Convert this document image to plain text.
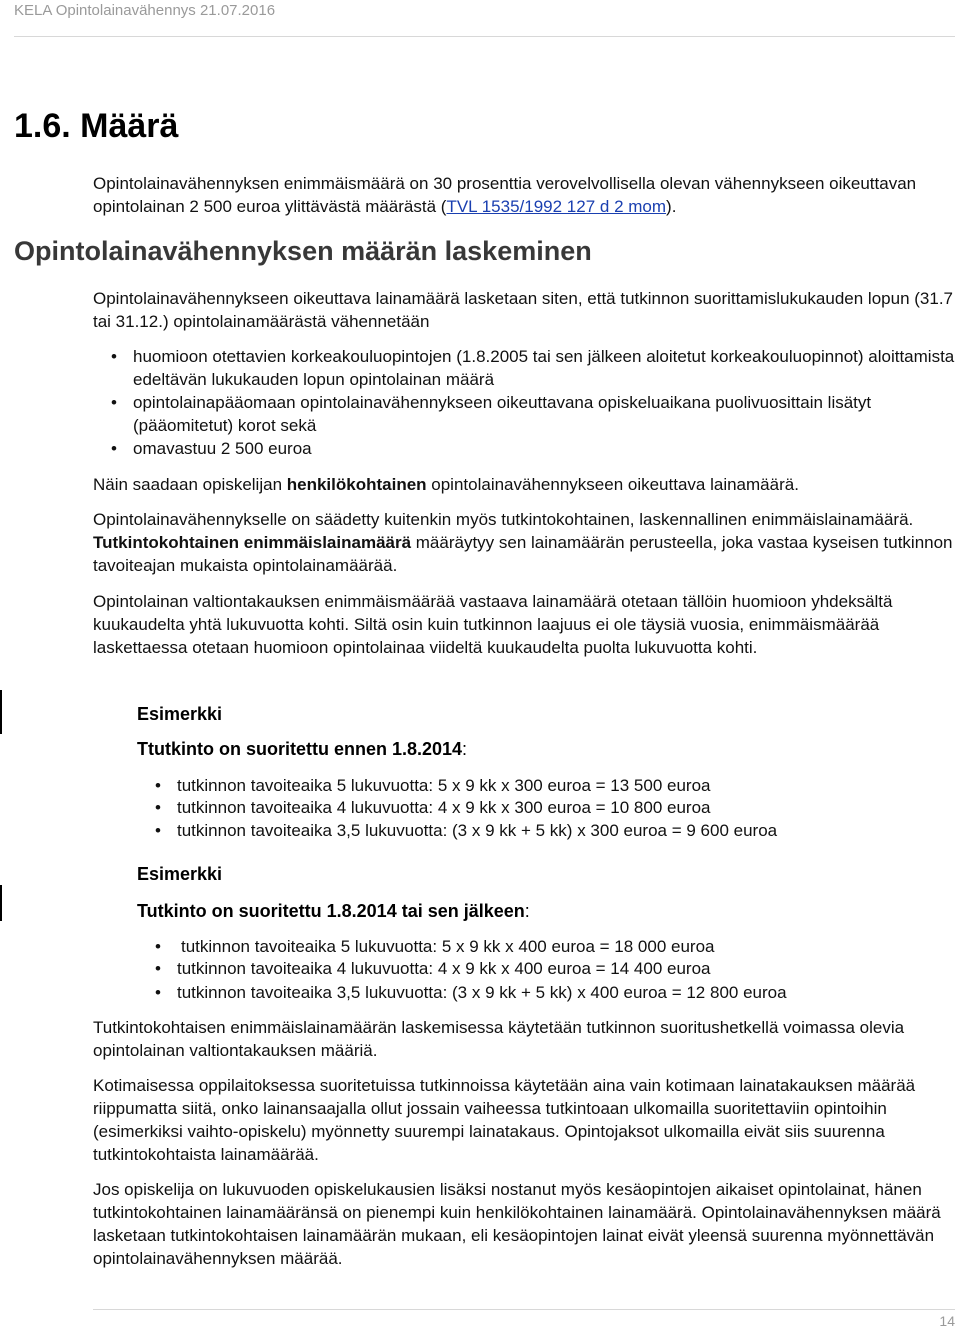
KELA Opintolainavähennys 21.07.2016
1.6. Määrä

Opintolainavähennyksen enimmäismäärä on 30 prosenttia verovelvollisella olevan vähennykseen oikeuttavan opintolainan 2 500 euroa ylittävästä määrästä (TVL 1535/1992 127 d 2 mom).

Opintolainavähennyksen määrän laskeminen

Opintolainavähennykseen oikeuttava lainamäärä lasketaan siten, että tutkinnon suorittamislukukauden lopun (31.7 tai 31.12.) opintolainamäärästä vähennetään

• huomioon otettavien korkeakouluopintojen (1.8.2005 tai sen jälkeen aloitetut korkeakouluopinnot) aloittamista edeltävän lukukauden lopun opintolainan määrä
• opintolainapääomaan opintolainavähennykseen oikeuttavana opiskeluaikana puolivuosittain lisätyt (pääomitetut) korot sekä
• omavastuu 2 500 euroa

Näin saadaan opiskelijan henkilökohtainen opintolainavähennykseen oikeuttava lainamäärä.

Opintolainavähennykselle on säädetty kuitenkin myös tutkintokohtainen, laskennallinen enimmäislainamäärä. Tutkintokohtainen enimmäislainamäärä määräytyy sen lainamäärän perusteella, joka vastaa kyseisen tutkinnon tavoiteajan mukaista opintolainamäärää.

Opintolainan valtiontakauksen enimmäismäärää vastaava lainamäärä otetaan tällöin huomioon yhdeksältä kuukaudelta yhtä lukuvuotta kohti. Siltä osin kuin tutkinnon laajuus ei ole täysiä vuosia, enimmäismäärää laskettaessa otetaan huomioon opintolainaa viideltä kuukaudelta puolta lukuvuotta kohti.

Esimerkki
Ttutkinto on suoritettu ennen 1.8.2014:
• tutkinnon tavoiteaika 5 lukuvuotta: 5 x 9 kk x 300 euroa = 13 500 euroa
• tutkinnon tavoiteaika 4 lukuvuotta: 4 x 9 kk x 300 euroa = 10 800 euroa
• tutkinnon tavoiteaika 3,5 lukuvuotta: (3 x 9 kk + 5 kk) x 300 euroa = 9 600 euroa
Esimerkki
Tutkinto on suoritettu 1.8.2014 tai sen jälkeen:
• tutkinnon tavoiteaika 5 lukuvuotta: 5 x 9 kk x 400 euroa = 18 000 euroa
• tutkinnon tavoiteaika 4 lukuvuotta: 4 x 9 kk x 400 euroa = 14 400 euroa
• tutkinnon tavoiteaika 3,5 lukuvuotta: (3 x 9 kk + 5 kk) x 400 euroa = 12 800 euroa

Tutkintokohtaisen enimmäislainamäärän laskemisessa käytetään tutkinnon suoritushetkellä voimassa olevia opintolainan valtiontakauksen määriä.

Kotimaisessa oppilaitoksessa suoritetuissa tutkinnoissa käytetään aina vain kotimaan lainatakauksen määrää riippumatta siitä, onko lainansaajalla ollut jossain vaiheessa tutkintoaan ulkomailla suoritettaviin opintoihin (esimerkiksi vaihto-opiskelu) myönnetty suurempi lainatakaus. Opintojaksot ulkomailla eivät siis suurenna tutkintokohtaista lainamäärää.

Jos opiskelija on lukuvuoden opiskelukausien lisäksi nostanut myös kesäopintojen aikaiset opintolainat, hänen tutkintokohtainen lainamääränsä on pienempi kuin henkilökohtainen lainamäärä. Opintolainavähennyksen määrä lasketaan tutkintokohtaisen lainamäärän mukaan, eli kesäopintojen lainat eivät yleensä suurenna myönnettävän opintolainavähennyksen määrää.

14
